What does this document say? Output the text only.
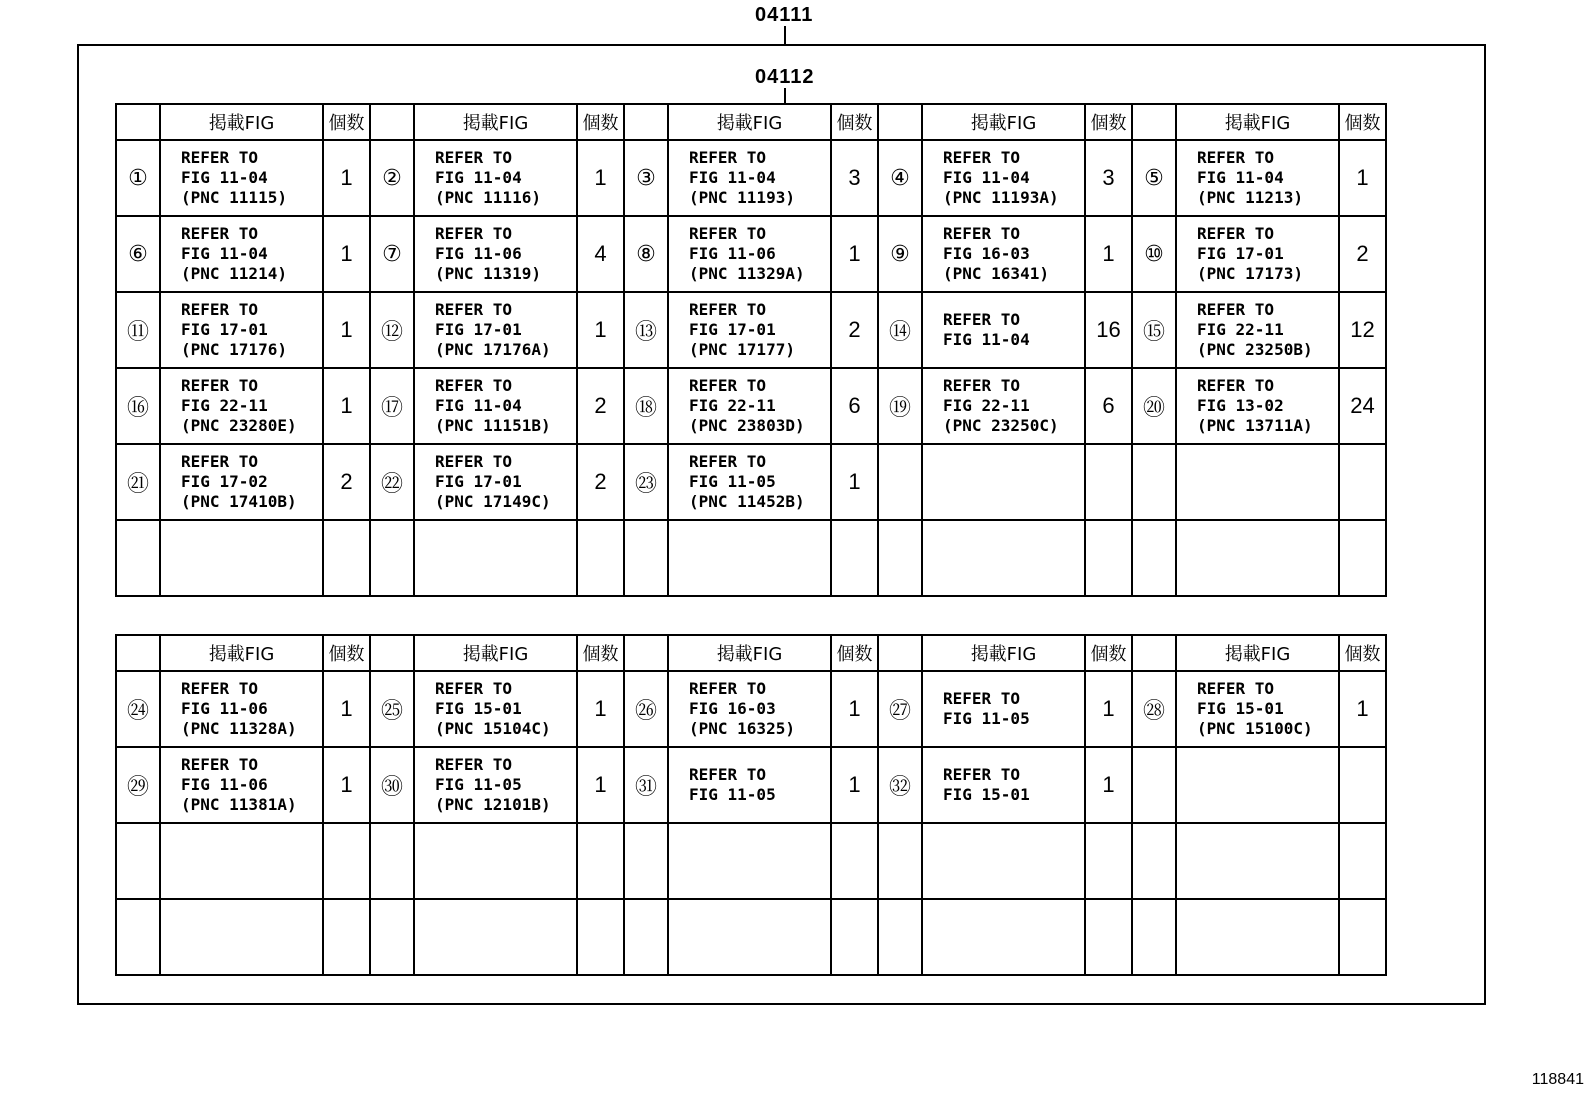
04111
04112
	掲載FIG	個数		掲載FIG	個数		掲載FIG	個数		掲載FIG	個数		掲載FIG	個数
①	REFER TO
FIG 11-04
(PNC 11115)	1	②	REFER TO
FIG 11-04
(PNC 11116)	1	③	REFER TO
FIG 11-04
(PNC 11193)	3	④	REFER TO
FIG 11-04
(PNC 11193A)	3	⑤	REFER TO
FIG 11-04
(PNC 11213)	1
⑥	REFER TO
FIG 11-04
(PNC 11214)	1	⑦	REFER TO
FIG 11-06
(PNC 11319)	4	⑧	REFER TO
FIG 11-06
(PNC 11329A)	1	⑨	REFER TO
FIG 16-03
(PNC 16341)	1	⑩	REFER TO
FIG 17-01
(PNC 17173)	2
⑪	REFER TO
FIG 17-01
(PNC 17176)	1	⑫	REFER TO
FIG 17-01
(PNC 17176A)	1	⑬	REFER TO
FIG 17-01
(PNC 17177)	2	⑭	REFER TO
FIG 11-04	16	⑮	REFER TO
FIG 22-11
(PNC 23250B)	12
⑯	REFER TO
FIG 22-11
(PNC 23280E)	1	⑰	REFER TO
FIG 11-04
(PNC 11151B)	2	⑱	REFER TO
FIG 22-11
(PNC 23803D)	6	⑲	REFER TO
FIG 22-11
(PNC 23250C)	6	⑳	REFER TO
FIG 13-02
(PNC 13711A)	24
㉑	REFER TO
FIG 17-02
(PNC 17410B)	2	㉒	REFER TO
FIG 17-01
(PNC 17149C)	2	㉓	REFER TO
FIG 11-05
(PNC 11452B)	1						

	掲載FIG	個数		掲載FIG	個数		掲載FIG	個数		掲載FIG	個数		掲載FIG	個数
㉔	REFER TO
FIG 11-06
(PNC 11328A)	1	㉕	REFER TO
FIG 15-01
(PNC 15104C)	1	㉖	REFER TO
FIG 16-03
(PNC 16325)	1	㉗	REFER TO
FIG 11-05	1	㉘	REFER TO
FIG 15-01
(PNC 15100C)	1
㉙	REFER TO
FIG 11-06
(PNC 11381A)	1	㉚	REFER TO
FIG 11-05
(PNC 12101B)	1	㉛	REFER TO
FIG 11-05	1	㉜	REFER TO
FIG 15-01	1			

118841
